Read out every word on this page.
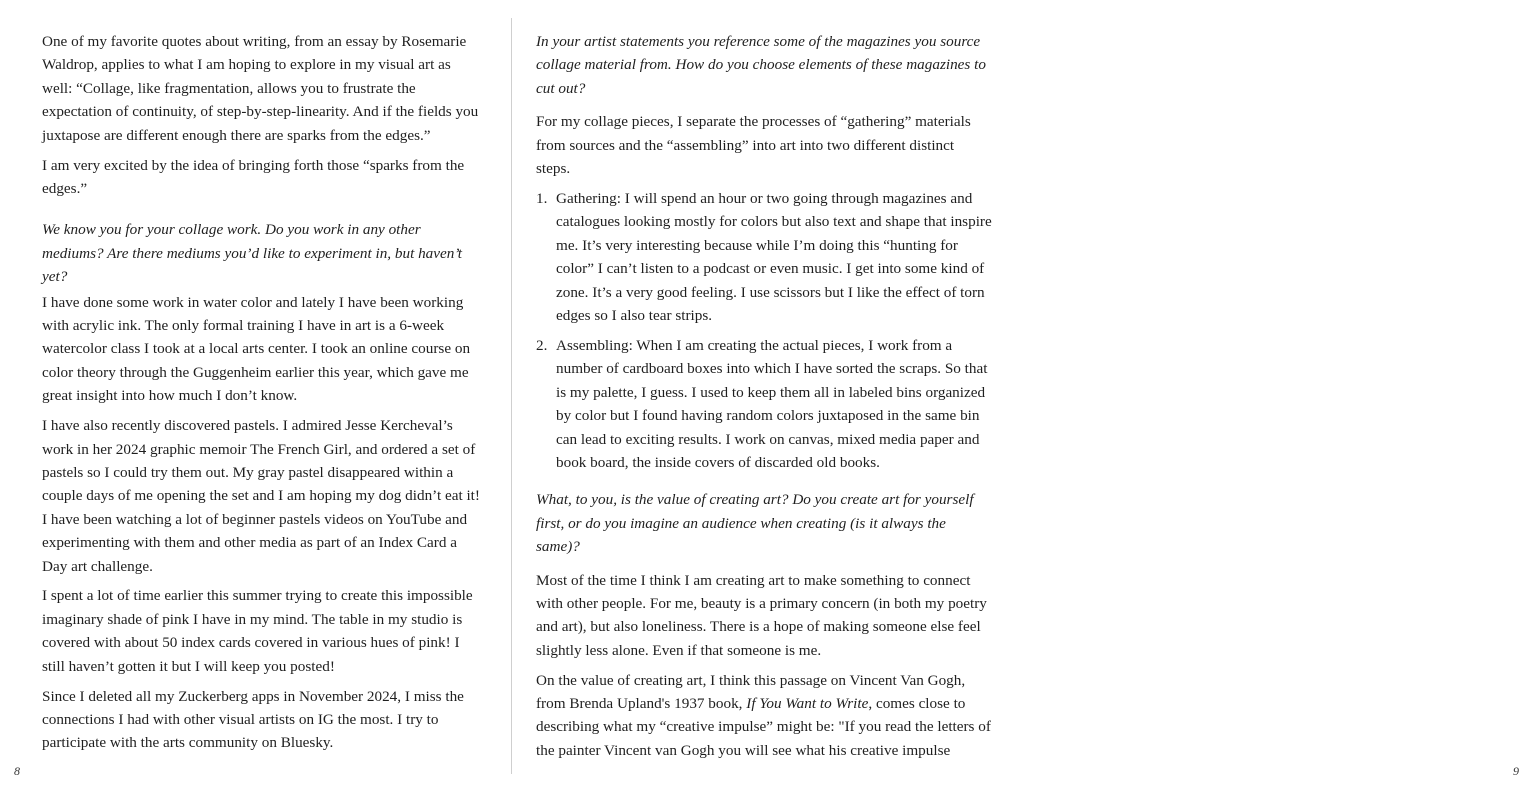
One of my favorite quotes about writing, from an essay by Rosemarie Waldrop, applies to what I am hoping to explore in my visual art as well: “Collage, like fragmentation, allows you to frustrate the expectation of continuity, of step-by-step-linearity. And if the fields you juxtapose are different enough there are sparks from the edges.”

I am very excited by the idea of bringing forth those “sparks from the edges.”

We know you for your collage work. Do you work in any other mediums? Are there mediums you’d like to experiment in, but haven’t yet?

I have done some work in water color and lately I have been working with acrylic ink. The only formal training I have in art is a 6-week watercolor class I took at a local arts center. I took an online course on color theory through the Guggenheim earlier this year, which gave me great insight into how much I don’t know.

I have also recently discovered pastels. I admired Jesse Kercheval’s work in her 2024 graphic memoir The French Girl, and ordered a set of pastels so I could try them out. My gray pastel disappeared within a couple days of me opening the set and I am hoping my dog didn’t eat it! I have been watching a lot of beginner pastels videos on YouTube and experimenting with them and other media as part of an Index Card a Day art challenge.

I spent a lot of time earlier this summer trying to create this impossible imaginary shade of pink I have in my mind. The table in my studio is covered with about 50 index cards covered in various hues of pink! I still haven’t gotten it but I will keep you posted!

Since I deleted all my Zuckerberg apps in November 2024, I miss the connections I had with other visual artists on IG the most. I try to participate with the arts community on Bluesky.

8

In your artist statements you reference some of the magazines you source collage material from. How do you choose elements of these magazines to cut out?

For my collage pieces, I separate the processes of “gathering” materials from sources and the “assembling” into art into two different distinct steps.

1. Gathering: I will spend an hour or two going through magazines and catalogues looking mostly for colors but also text and shape that inspire me. It’s very interesting because while I’m doing this “hunting for color” I can’t listen to a podcast or even music. I get into some kind of zone. It’s a very good feeling. I use scissors but I like the effect of torn edges so I also tear strips.
2. Assembling: When I am creating the actual pieces, I work from a number of cardboard boxes into which I have sorted the scraps. So that is my palette, I guess. I used to keep them all in labeled bins organized by color but I found having random colors juxtaposed in the same bin can lead to exciting results. I work on canvas, mixed media paper and book board, the inside covers of discarded old books.

What, to you, is the value of creating art? Do you create art for yourself first, or do you imagine an audience when creating (is it always the same)?

Most of the time I think I am creating art to make something to connect with other people. For me, beauty is a primary concern (in both my poetry and art), but also loneliness. There is a hope of making someone else feel slightly less alone. Even if that someone is me.

On the value of creating art, I think this passage on Vincent Van Gogh, from Brenda Upland's 1937 book, If You Want to Write, comes close to describing what my “creative impulse” might be: "If you read the letters of the painter Vincent van Gogh you will see what his creative impulse

9
